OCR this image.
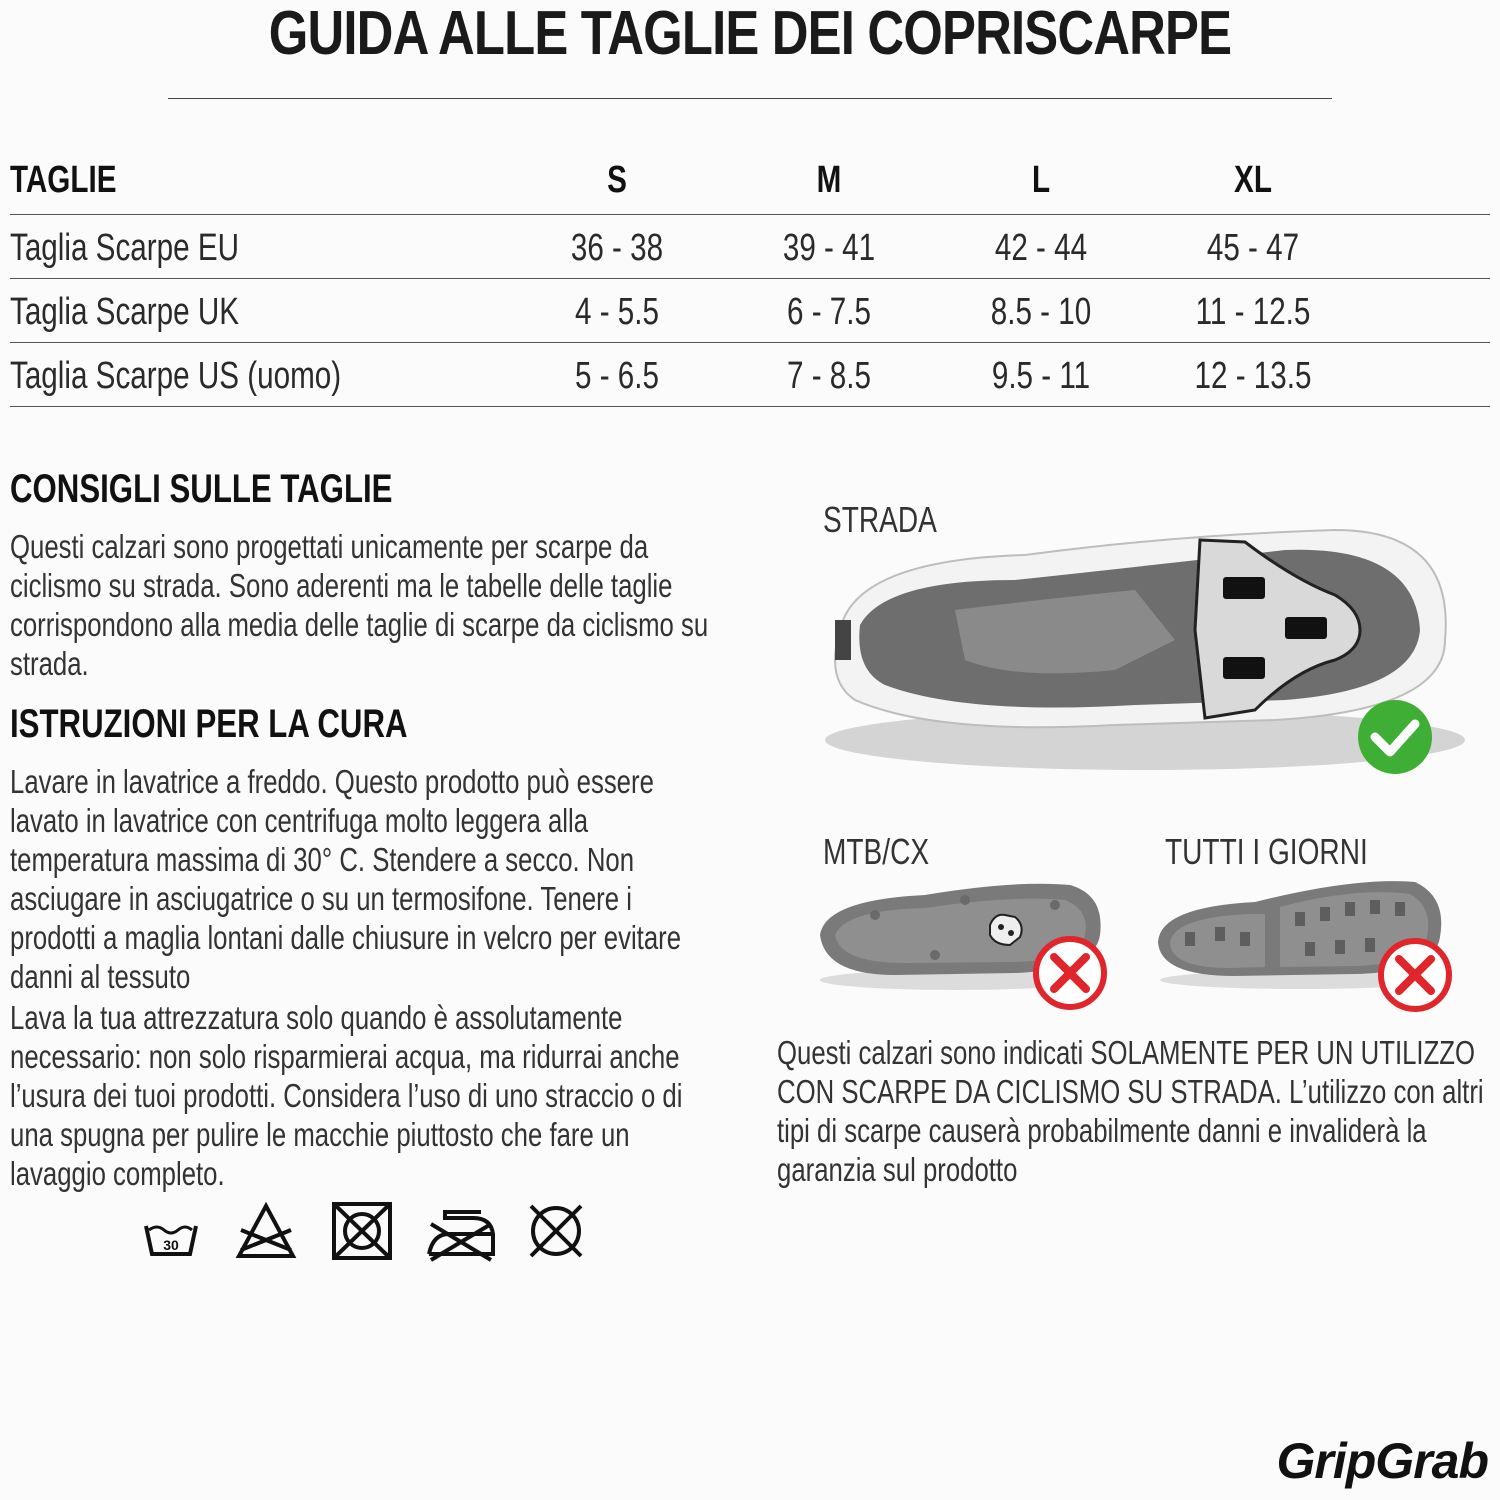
GUIDA ALLE TAGLIE DEI COPRISCARPE
TAGLIE	S	M	L	XL
Taglia Scarpe EU	36 - 38	39 - 41	42 - 44	45 - 47
Taglia Scarpe UK	4 - 5.5	6 - 7.5	8.5 - 10	11 - 12.5
Taglia Scarpe US (uomo)	5 - 6.5	7 - 8.5	9.5 - 11	12 - 13.5
CONSIGLI SULLE TAGLIE

Questi calzari sono progettati unicamente per scarpe da ciclismo su strada. Sono aderenti ma le tabelle delle taglie corrispondono alla media delle taglie di scarpe da ciclismo su strada.

ISTRUZIONI PER LA CURA

Lavare in lavatrice a freddo. Questo prodotto può essere lavato in lavatrice con centrifuga molto leggera alla temperatura massima di 30° C. Stendere a secco. Non asciugare in asciugatrice o su un termosifone. Tenere i prodotti a maglia lontani dalle chiusure in velcro per evitare danni al tessuto

Lava la tua attrezzatura solo quando è assolutamente necessario: non solo risparmierai acqua, ma ridurrai anche l’usura dei tuoi prodotti. Considera l’uso di uno straccio o di una spugna per pulire le macchie piuttosto che fare un lavaggio completo.

30
STRADA
MTB/CX	TUTTI I GIORNI
Questi calzari sono indicati SOLAMENTE PER UN UTILIZZO CON SCARPE DA CICLISMO SU STRADA. L’utilizzo con altri tipi di scarpe causerà probabilmente danni e invaliderà la garanzia sul prodotto
GripGrab
